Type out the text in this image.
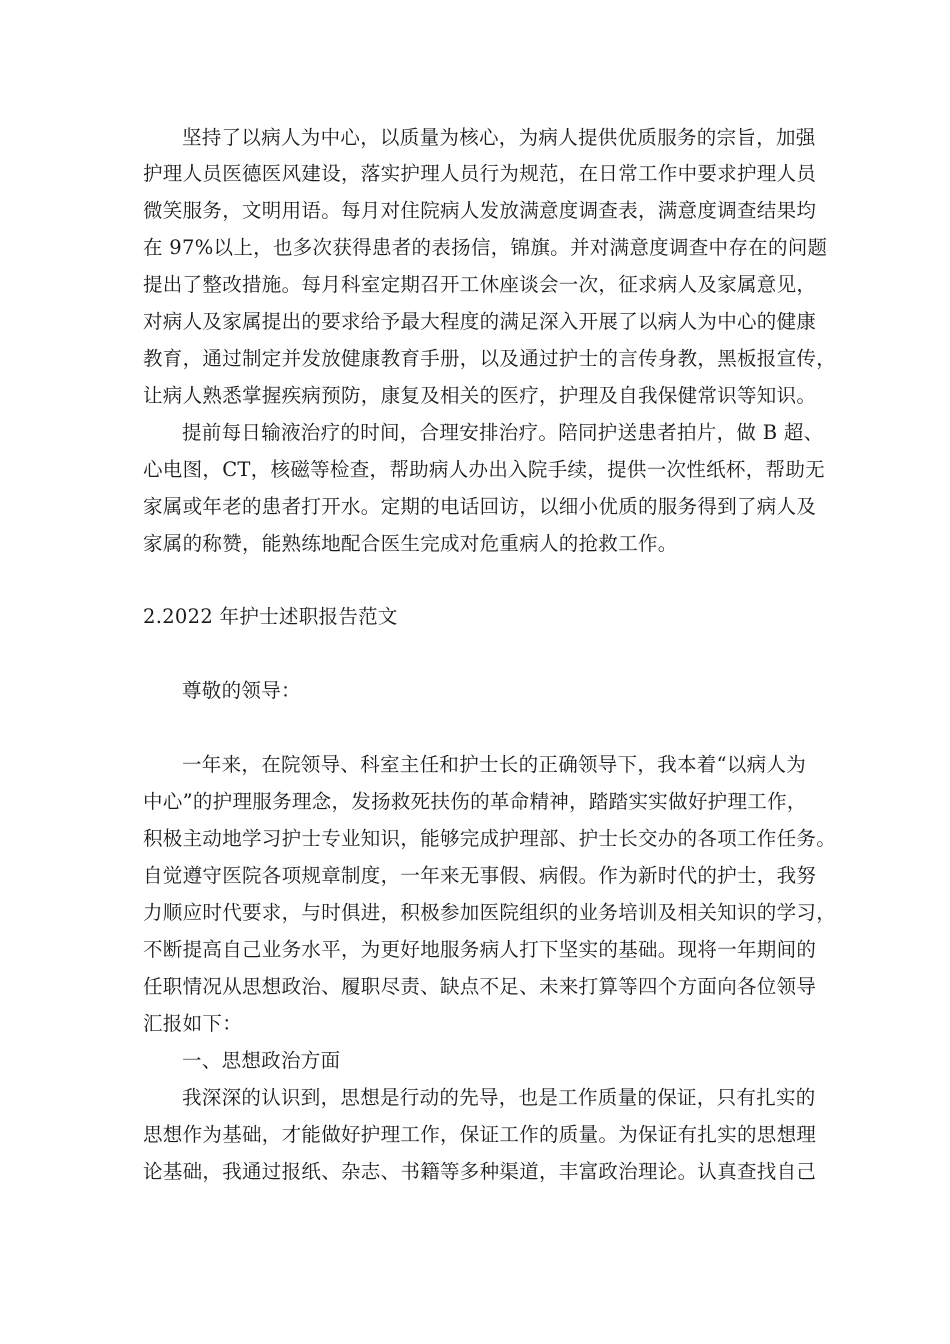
坚持了以病人为中心，以质量为核心，为病人提供优质服务的宗旨，加强
护理人员医德医风建设，落实护理人员行为规范，在日常工作中要求护理人员
微笑服务，文明用语。每月对住院病人发放满意度调查表，满意度调查结果均
在 97%以上，也多次获得患者的表扬信，锦旗。并对满意度调查中存在的问题
提出了整改措施。每月科室定期召开工休座谈会一次，征求病人及家属意见，
对病人及家属提出的要求给予最大程度的满足深入开展了以病人为中心的健康
教育，通过制定并发放健康教育手册，以及通过护士的言传身教，黑板报宣传，
让病人熟悉掌握疾病预防，康复及相关的医疗，护理及自我保健常识等知识。
提前每日输液治疗的时间，合理安排治疗。陪同护送患者拍片，做 B 超、
心电图，CT，核磁等检查，帮助病人办出入院手续，提供一次性纸杯，帮助无
家属或年老的患者打开水。定期的电话回访，以细小优质的服务得到了病人及
家属的称赞，能熟练地配合医生完成对危重病人的抢救工作。
2.2022 年护士述职报告范文
尊敬的领导：
一年来，在院领导、科室主任和护士长的正确领导下，我本着“以病人为
中心”的护理服务理念，发扬救死扶伤的革命精神，踏踏实实做好护理工作，
积极主动地学习护士专业知识，能够完成护理部、护士长交办的各项工作任务。
自觉遵守医院各项规章制度，一年来无事假、病假。作为新时代的护士，我努
力顺应时代要求，与时俱进，积极参加医院组织的业务培训及相关知识的学习，
不断提高自己业务水平，为更好地服务病人打下坚实的基础。现将一年期间的
任职情况从思想政治、履职尽责、缺点不足、未来打算等四个方面向各位领导
汇报如下：
一、思想政治方面
我深深的认识到，思想是行动的先导，也是工作质量的保证，只有扎实的
思想作为基础，才能做好护理工作，保证工作的质量。为保证有扎实的思想理
论基础，我通过报纸、杂志、书籍等多种渠道，丰富政治理论。认真查找自己
